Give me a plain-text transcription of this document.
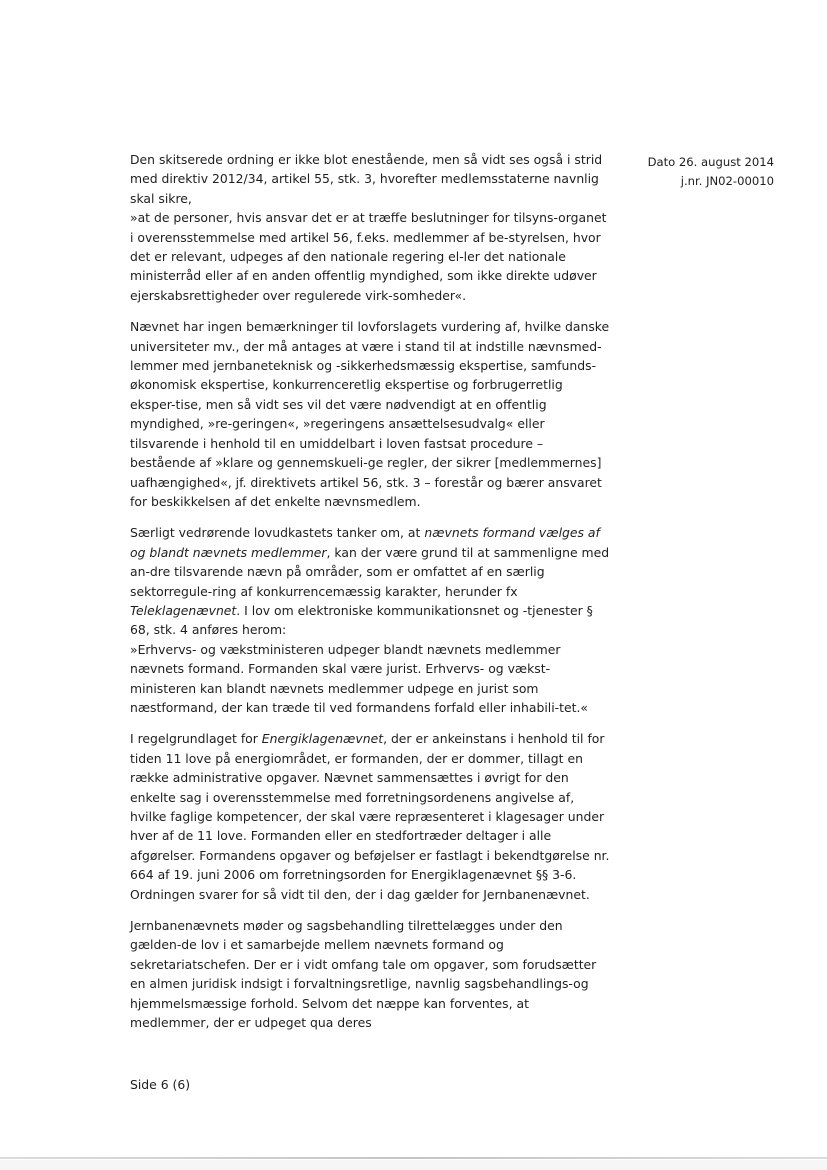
Dato 26. august 2014
j.nr. JN02-00010

Den skitserede ordning er ikke blot enestående, men så vidt ses også i strid med direktiv 2012/34, artikel 55, stk. 3, hvorefter medlemsstaterne navnlig skal sikre,

»at de personer, hvis ansvar det er at træffe beslutninger for tilsyns-organet i overensstemmelse med artikel 56, f.eks. medlemmer af be-styrelsen, hvor det er relevant, udpeges af den nationale regering el-ler det nationale ministerråd eller af en anden offentlig myndighed, som ikke direkte udøver ejerskabsrettigheder over regulerede virk-somheder«.

Nævnet har ingen bemærkninger til lovforslagets vurdering af, hvilke danske universiteter mv., der må antages at være i stand til at indstille nævnsmed-lemmer med jernbaneteknisk og -sikkerhedsmæssig ekspertise, samfunds-økonomisk ekspertise, konkurrenceretlig ekspertise og forbrugerretlig eksper-tise, men så vidt ses vil det være nødvendigt at en offentlig myndighed, »re-geringen«, »regeringens ansættelsesudvalg« eller tilsvarende i henhold til en umiddelbart i loven fastsat procedure – bestående af »klare og gennemskueli-ge regler, der sikrer [medlemmernes] uafhængighed«, jf. direktivets artikel 56, stk. 3 – forestår og bærer ansvaret for beskikkelsen af det enkelte nævnsmedlem.

Særligt vedrørende lovudkastets tanker om, at nævnets formand vælges af og blandt nævnets medlemmer, kan der være grund til at sammenligne med an-dre tilsvarende nævn på områder, som er omfattet af en særlig sektorregule-ring af konkurrencemæssig karakter, herunder fx Teleklagenævnet. I lov om elektroniske kommunikationsnet og -tjenester § 68, stk. 4 anføres herom:

»Erhvervs- og vækstministeren udpeger blandt nævnets medlemmer nævnets formand. Formanden skal være jurist. Erhvervs- og vækst-ministeren kan blandt nævnets medlemmer udpege en jurist som næstformand, der kan træde til ved formandens forfald eller inhabili-tet.«

I regelgrundlaget for Energiklagenævnet, der er ankeinstans i henhold til for tiden 11 love på energiområdet, er formanden, der er dommer, tillagt en række administrative opgaver. Nævnet sammensættes i øvrigt for den enkelte sag i overensstemmelse med forretningsordenens angivelse af, hvilke faglige kompetencer, der skal være repræsenteret i klagesager under hver af de 11 love. Formanden eller en stedfortræder deltager i alle afgørelser. Formandens opgaver og beføjelser er fastlagt i bekendtgørelse nr. 664 af 19. juni 2006 om forretningsorden for Energiklagenævnet §§ 3-6. Ordningen svarer for så vidt til den, der i dag gælder for Jernbanenævnet.

Jernbanenævnets møder og sagsbehandling tilrettelægges under den gælden-de lov i et samarbejde mellem nævnets formand og sekretariatschefen. Der er i vidt omfang tale om opgaver, som forudsætter en almen juridisk indsigt i forvaltningsretlige, navnlig sagsbehandlings-og hjemmelsmæssige forhold. Selvom det næppe kan forventes, at medlemmer, der er udpeget qua deres

Side 6 (6)
